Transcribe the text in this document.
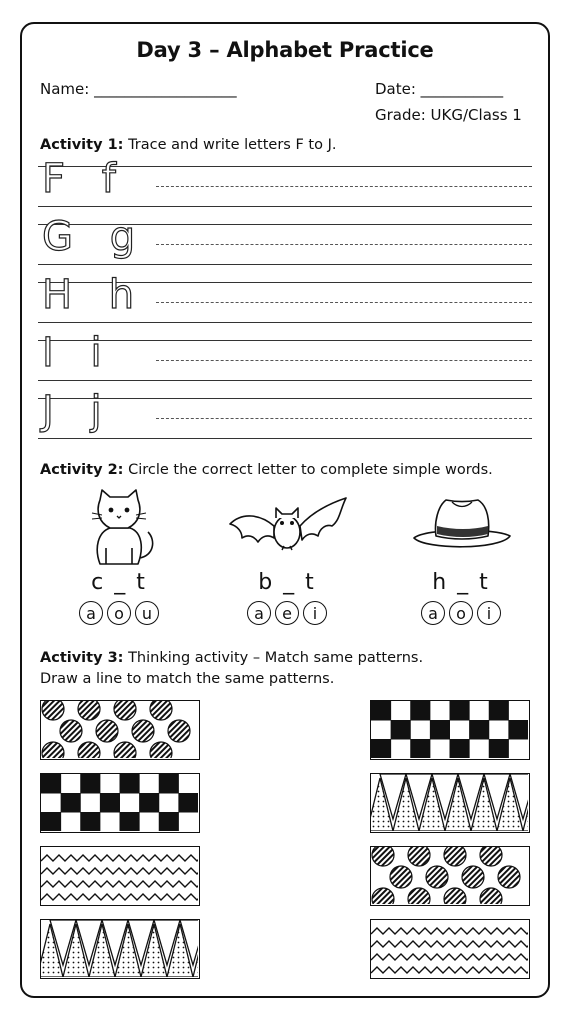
Day 3 – Alphabet Practice
Name: ___________________	Date: ___________
Grade: UKG/Class 1
Activity 1: Trace and write letters F to J.
F f
G g
H h
I i
J j
Activity 2: Circle the correct letter to complete simple words.
c _ t
a	o	u
b _ t
a	e	i
h _ t
a	o	i
Activity 3: Thinking activity – Match same patterns.
Draw a line to match the same patterns.
